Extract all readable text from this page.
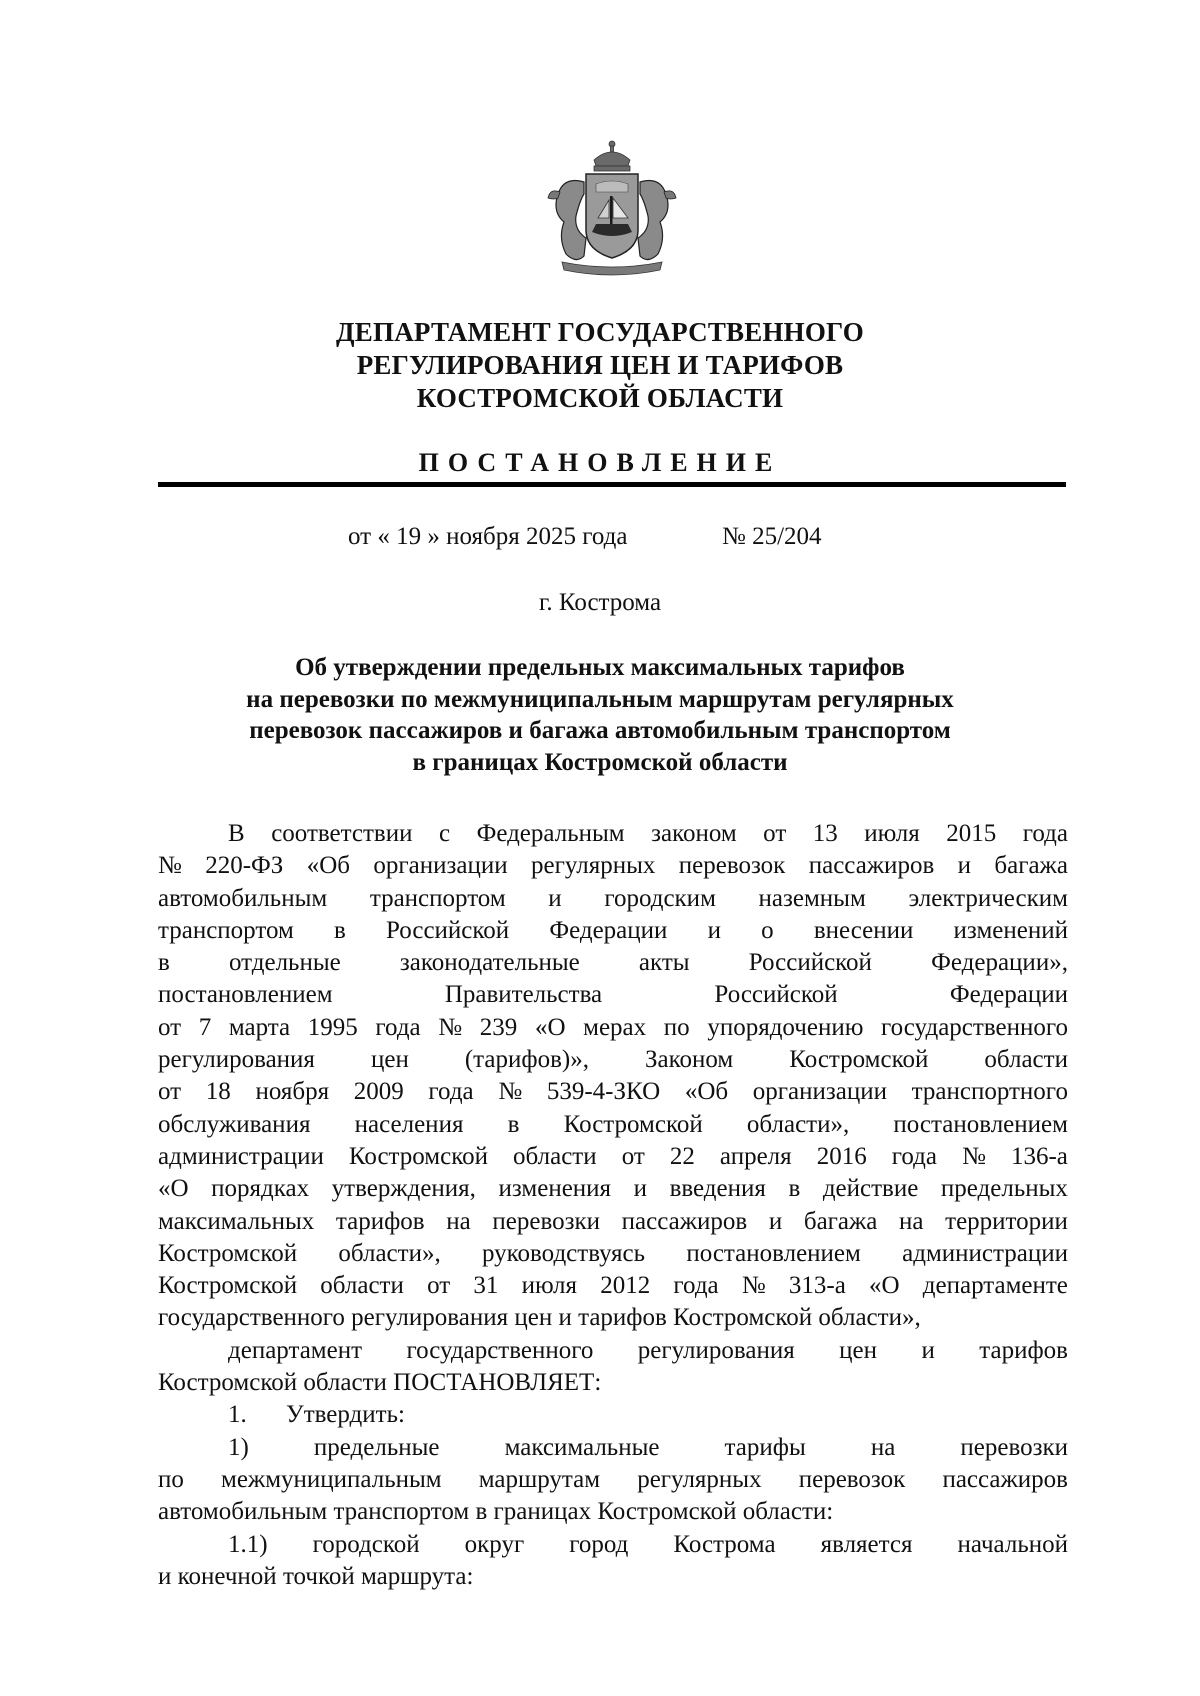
ДЕПАРТАМЕНТ ГОСУДАРСТВЕННОГО
РЕГУЛИРОВАНИЯ ЦЕН И ТАРИФОВ
КОСТРОМСКОЙ ОБЛАСТИ
ПОСТАНОВЛЕНИЕ
от « 19 » ноября 2025 года	№ 25/204
г. Кострома
Об утверждении предельных максимальных тарифов
на перевозки по межмуниципальным маршрутам регулярных
перевозок пассажиров и багажа автомобильным транспортом
в границах Костромской области
В соответствии с Федеральным законом от 13 июля 2015 года
№ 220-ФЗ «Об организации регулярных перевозок пассажиров и багажа
автомобильным транспортом и городским наземным электрическим
транспортом в Российской Федерации и о внесении изменений
в отдельные законодательные акты Российской Федерации»,
постановлением	Правительства	Российской	Федерации
от 7 марта 1995 года № 239 «О мерах по упорядочению государственного
регулирования цен (тарифов)», Законом Костромской области
от 18 ноября 2009 года № 539-4-ЗКО «Об организации транспортного
обслуживания населения в Костромской области», постановлением
администрации Костромской области от 22 апреля 2016 года № 136-а
«О порядках утверждения, изменения и введения в действие предельных
максимальных тарифов на перевозки пассажиров и багажа на территории
Костромской области», руководствуясь постановлением администрации
Костромской области от 31 июля 2012 года № 313-а «О департаменте
государственного регулирования цен и тарифов Костромской области»,
департамент государственного регулирования цен и тарифов
Костромской области ПОСТАНОВЛЯЕТ:
1.	Утвердить:
1)	предельные	максимальные	тарифы	на	перевозки
по межмуниципальным маршрутам регулярных перевозок пассажиров
автомобильным транспортом в границах Костромской области:
1.1) городской округ город Кострома является начальной
и конечной точкой маршрута:
